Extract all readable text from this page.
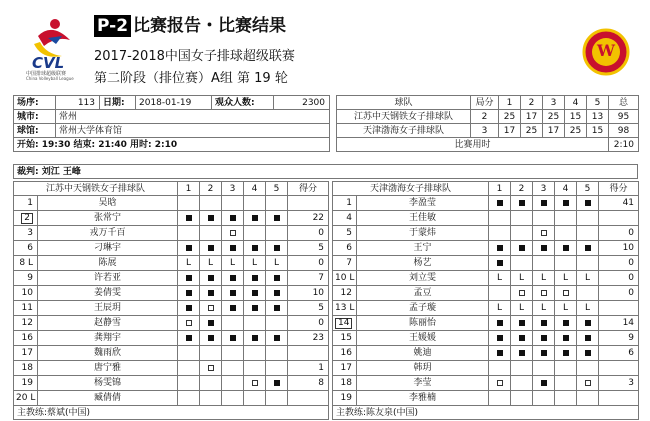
CVL
中国排球超级联赛
China Volleyball League
P-2 比赛报告・比赛结果
2017-2018中国女子排球超级联赛
第二阶段（排位赛）A组 第 19 轮
W
场序:	113	日期:	2018-01-19	观众人数:	2300
城市:	常州				
球馆:	常州大学体育馆				
开始: 19:30 结束: 21:40 用时: 2:10					
球队	局分	1	2	3	4	5	总
江苏中天钢铁女子排球队	2	25	17	25	15	13	95
天津渤海女子排球队	3	17	25	17	25	15	98
比赛用时							2:10
裁判: 刘江 王峰
江苏中天钢铁女子排球队		1	2	3	4	5	得分
1	吴晗						
2	张常宁						22
3	戎万千百						0
6	刁琳宇						5
8 L	陈展	L	L	L	L	L	0
9	许若亚						7
10	姜倩雯						10
11	王辰玥						5
12	赵静雪						0
16	龚翔宇						23
17	魏雨欣						
18	唐宁雅						1
19	杨雯锦						8
20 L	臧倩倩						
主教练:蔡斌(中国)							
天津渤海女子排球队		1	2	3	4	5	得分
1	李盈莹						41
4	王佳敏						
5	于蒙炜						0
6	王宁						10
7	杨艺						0
10 L	刘立雯	L	L	L	L	L	0
12	孟豆						0
13 L	孟子璇	L	L	L	L	L	
14	陈丽怡						14
15	王媛媛						9
16	姚迪						6
17	韩玥						
18	李莹						3
19	李雅楠						
主教练:陈友泉(中国)							
